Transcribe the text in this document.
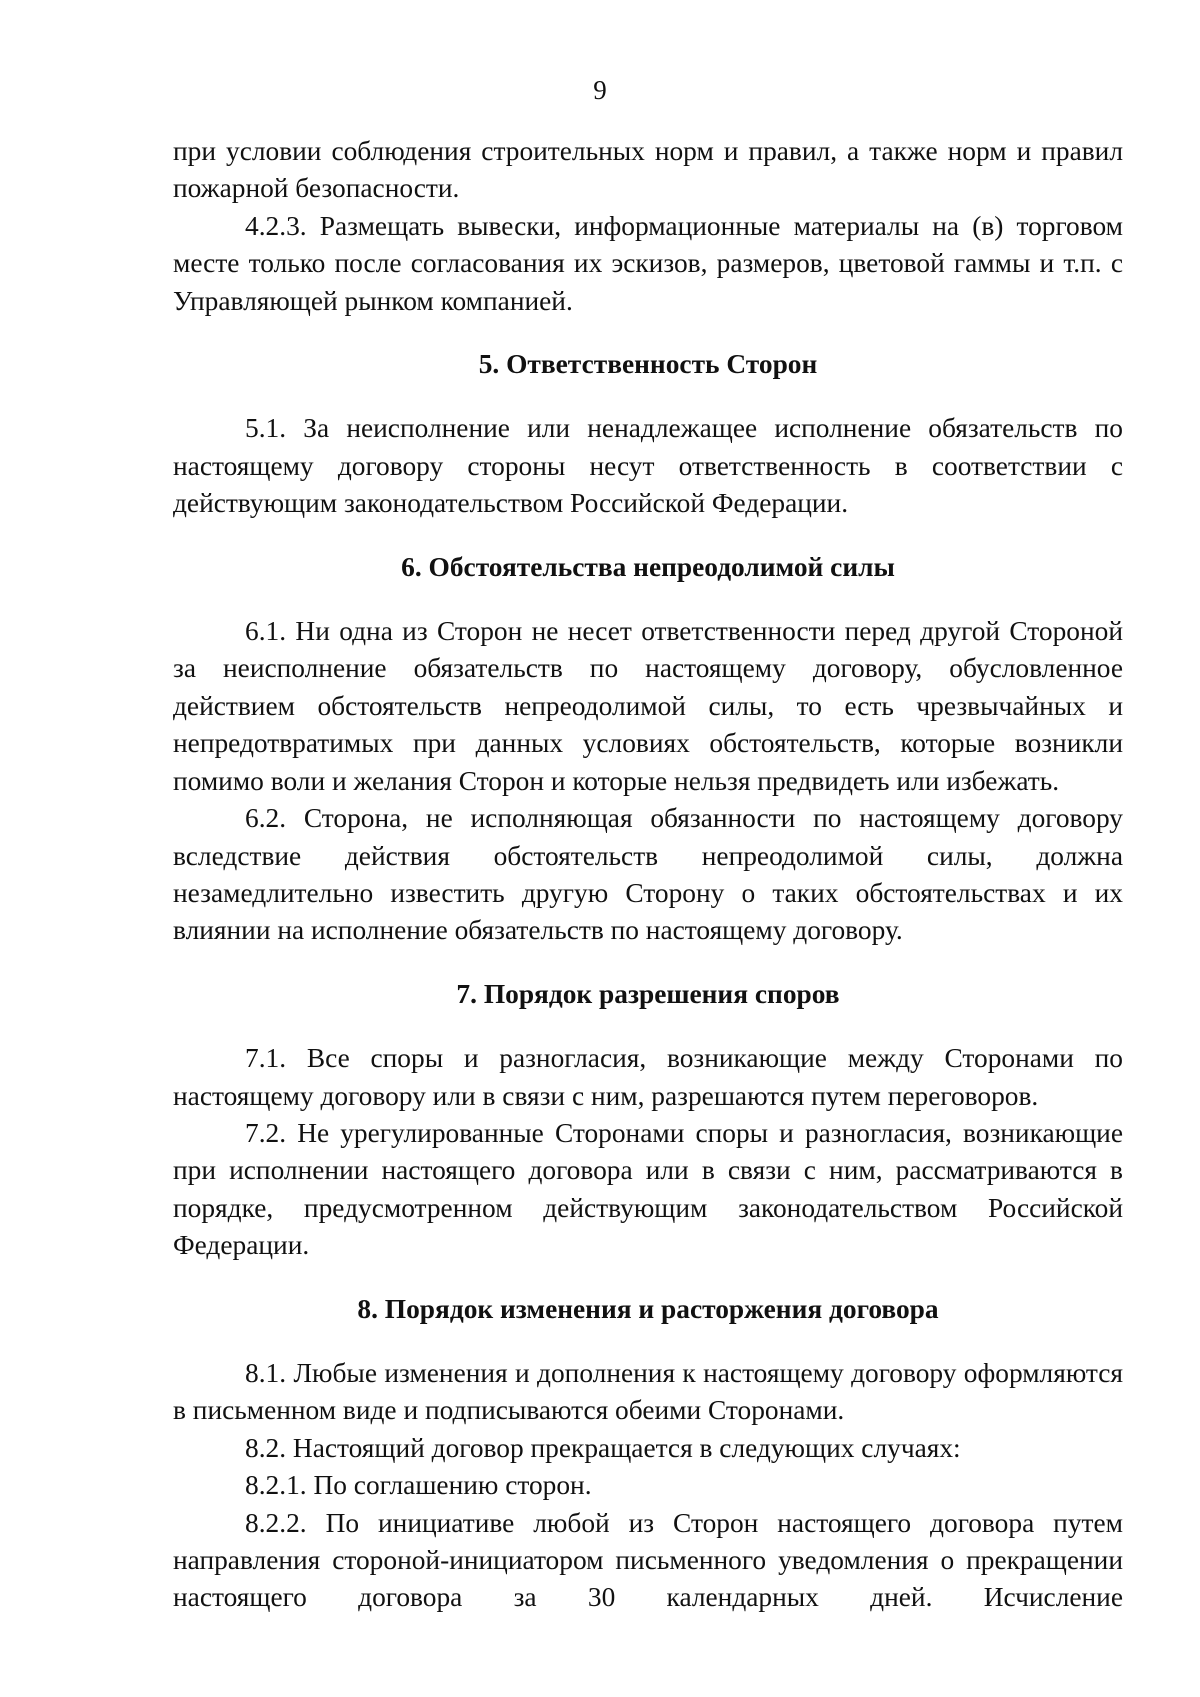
9

при условии соблюдения строительных норм и правил, а также норм и правил пожарной безопасности.

4.2.3. Размещать вывески, информационные материалы на (в) торговом месте только после согласования их эскизов, размеров, цветовой гаммы и т.п. с Управляющей рынком компанией.

5. Ответственность Сторон

5.1. За неисполнение или ненадлежащее исполнение обязательств по настоящему договору стороны несут ответственность в соответствии с действующим законодательством Российской Федерации.

6. Обстоятельства непреодолимой силы

6.1. Ни одна из Сторон не несет ответственности перед другой Стороной за неисполнение обязательств по настоящему договору, обусловленное действием обстоятельств непреодолимой силы, то есть чрезвычайных и непредотвратимых при данных условиях обстоятельств, которые возникли помимо воли и желания Сторон и которые нельзя предвидеть или избежать.

6.2. Сторона, не исполняющая обязанности по настоящему договору вследствие действия обстоятельств непреодолимой силы, должна незамедлительно известить другую Сторону о таких обстоятельствах и их влиянии на исполнение обязательств по настоящему договору.

7. Порядок разрешения споров

7.1. Все споры и разногласия, возникающие между Сторонами по настоящему договору или в связи с ним, разрешаются путем переговоров.

7.2. Не урегулированные Сторонами споры и разногласия, возникающие при исполнении настоящего договора или в связи с ним, рассматриваются в порядке, предусмотренном действующим законодательством Российской Федерации.

8. Порядок изменения и расторжения договора

8.1. Любые изменения и дополнения к настоящему договору оформляются в письменном виде и подписываются обеими Сторонами.

8.2. Настоящий договор прекращается в следующих случаях:

8.2.1. По соглашению сторон.

8.2.2. По инициативе любой из Сторон настоящего договора путем направления стороной-инициатором письменного уведомления о прекращении настоящего договора за 30 календарных дней. Исчисление
